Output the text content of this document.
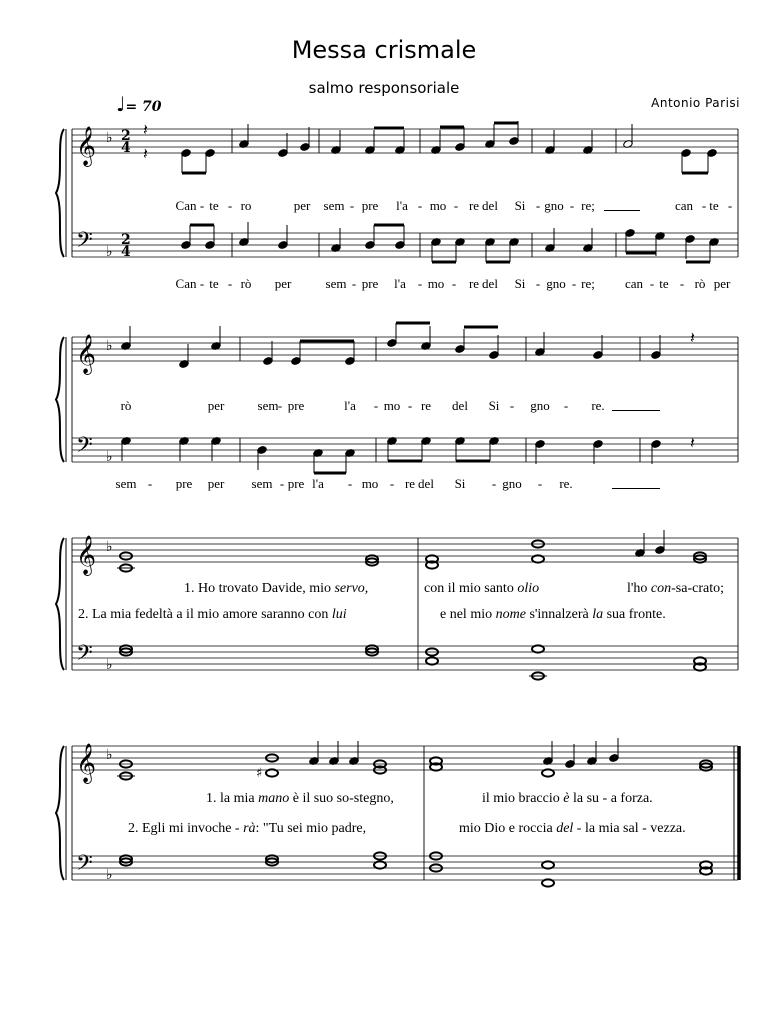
Messa crismale
salmo responsoriale
Antonio Parisi
♩= 70
𝄞
𝄢
♭
♭
2
4
2
4
𝄽
𝄽
𝄞
𝄢
♭
♭
𝄽
𝄽
𝄞
𝄢
♭
♭
𝄞
𝄢
♭
♭
♯
Can - te - ro	per sem - pre l'a - mo - re del Si - gno - re;	can - te -
Can - te - rò per	sem - pre l'a - mo - re del Si - gno - re; can - te - rò per
rò	per	sem - pre	l'a - mo - re del Si - gno - re.
sem - pre per sem - pre l'a - mo - re del Si - gno - re.
1. Ho trovato Davide, mio servo,	con il mio santo olio	l'ho con-sa-crato;
2. La mia fedeltà a il mio amore saranno con lui	e nel mio nome s'innalzerà la sua fronte.
1. la mia mano è il suo so-stegno,	il mio braccio è la su - a forza.
2. Egli mi invoche - rà: "Tu sei mio padre,	mio Dio e roccia del - la mia sal - vezza.
